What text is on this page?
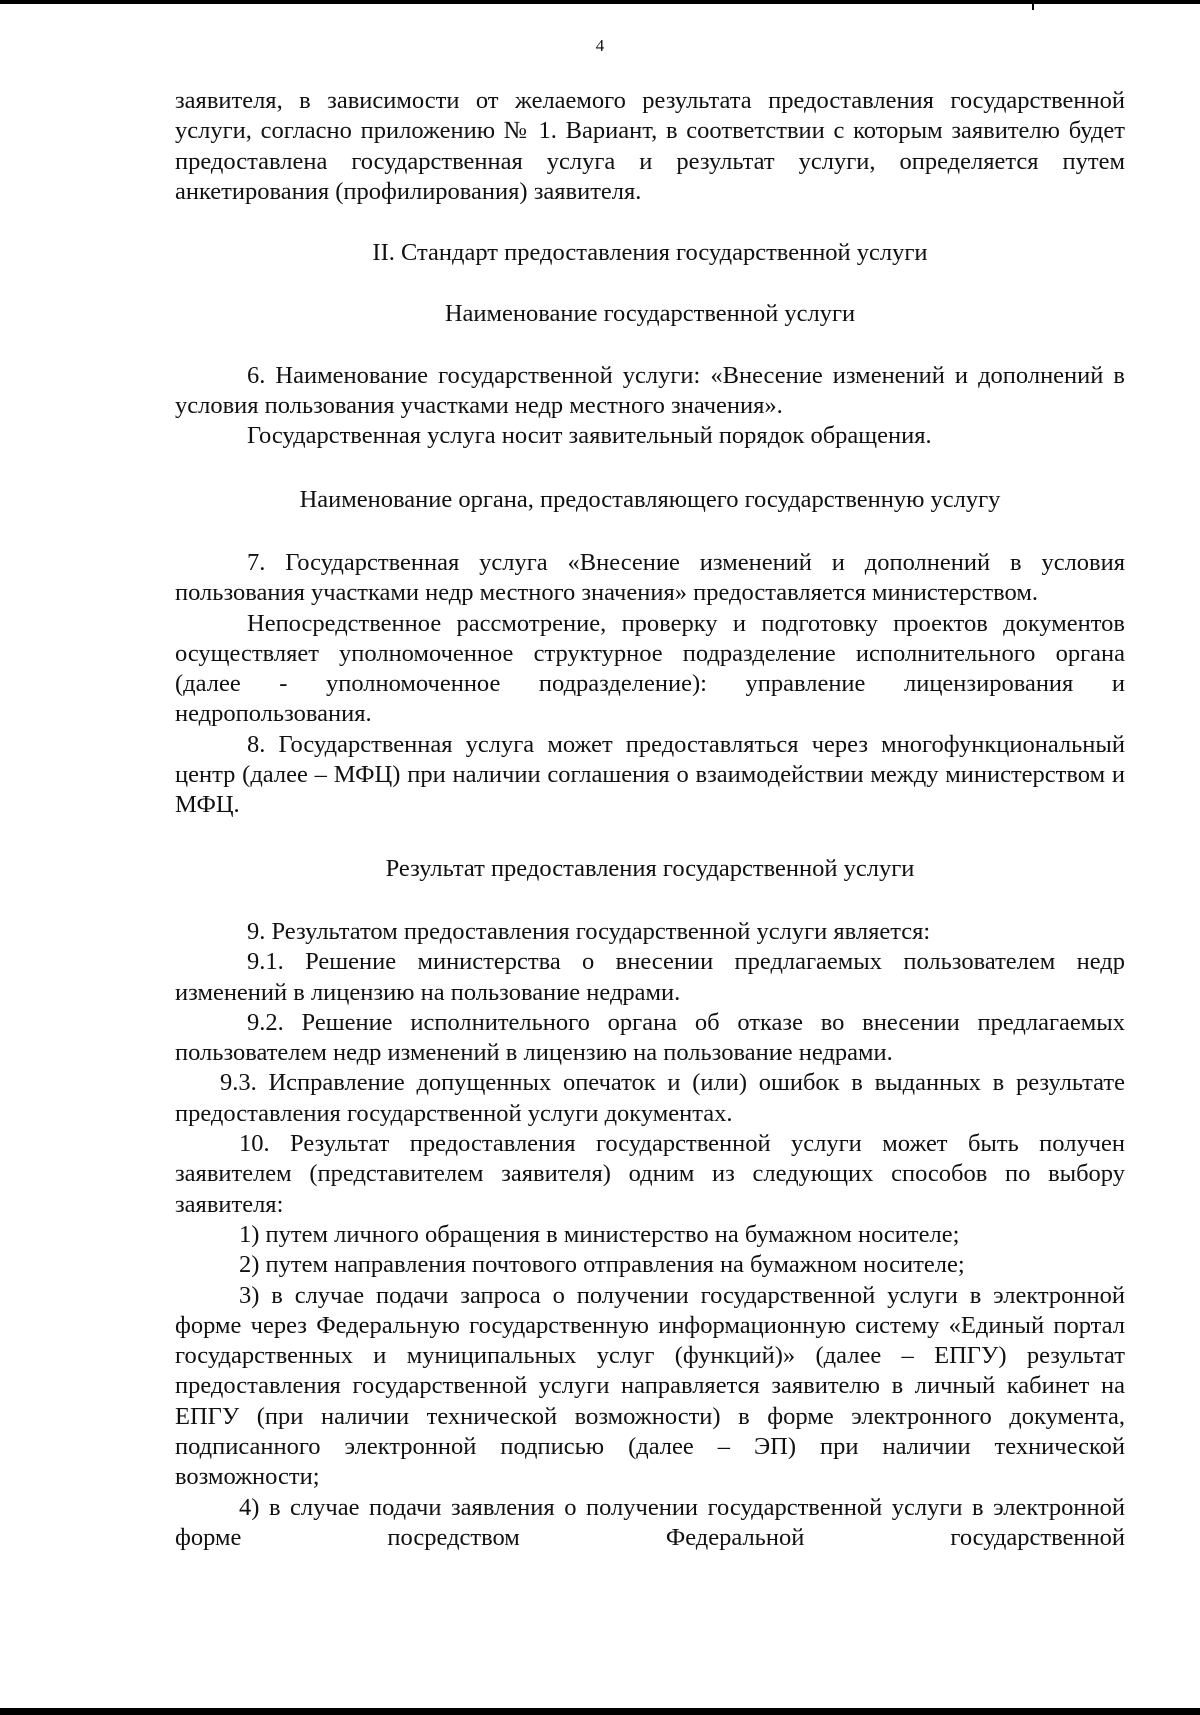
4

заявителя, в зависимости от желаемого результата предоставления государственной услуги, согласно приложению № 1. Вариант, в соответствии с которым заявителю будет предоставлена государственная услуга и результат услуги, определяется путем анкетирования (профилирования) заявителя.

II. Стандарт предоставления государственной услуги

Наименование государственной услуги

6. Наименование государственной услуги: «Внесение изменений и дополнений в условия пользования участками недр местного значения».

Государственная услуга носит заявительный порядок обращения.

Наименование органа, предоставляющего государственную услугу

7. Государственная услуга «Внесение изменений и дополнений в условия пользования участками недр местного значения» предоставляется министерством.

Непосредственное рассмотрение, проверку и подготовку проектов документов осуществляет уполномоченное структурное подразделение исполнительного органа (далее - уполномоченное подразделение): управление лицензирования и недропользования.

8. Государственная услуга может предоставляться через многофункциональный центр (далее – МФЦ) при наличии соглашения о взаимодействии между министерством и МФЦ.

Результат предоставления государственной услуги

9. Результатом предоставления государственной услуги является:

9.1. Решение министерства о внесении предлагаемых пользователем недр изменений в лицензию на пользование недрами.

9.2. Решение исполнительного органа об отказе во внесении предлагаемых пользователем недр изменений в лицензию на пользование недрами.

9.3. Исправление допущенных опечаток и (или) ошибок в выданных в результате предоставления государственной услуги документах.

10. Результат предоставления государственной услуги может быть получен заявителем (представителем заявителя) одним из следующих способов по выбору заявителя:

1) путем личного обращения в министерство на бумажном носителе;

2) путем направления почтового отправления на бумажном носителе;

3) в случае подачи запроса о получении государственной услуги в электронной форме через Федеральную государственную информационную систему «Единый портал государственных и муниципальных услуг (функций)» (далее – ЕПГУ) результат предоставления государственной услуги направляется заявителю в личный кабинет на ЕПГУ (при наличии технической возможности) в форме электронного документа, подписанного электронной подписью (далее – ЭП) при наличии технической возможности;

4) в случае подачи заявления о получении государственной услуги в электронной форме посредством Федеральной государственной
